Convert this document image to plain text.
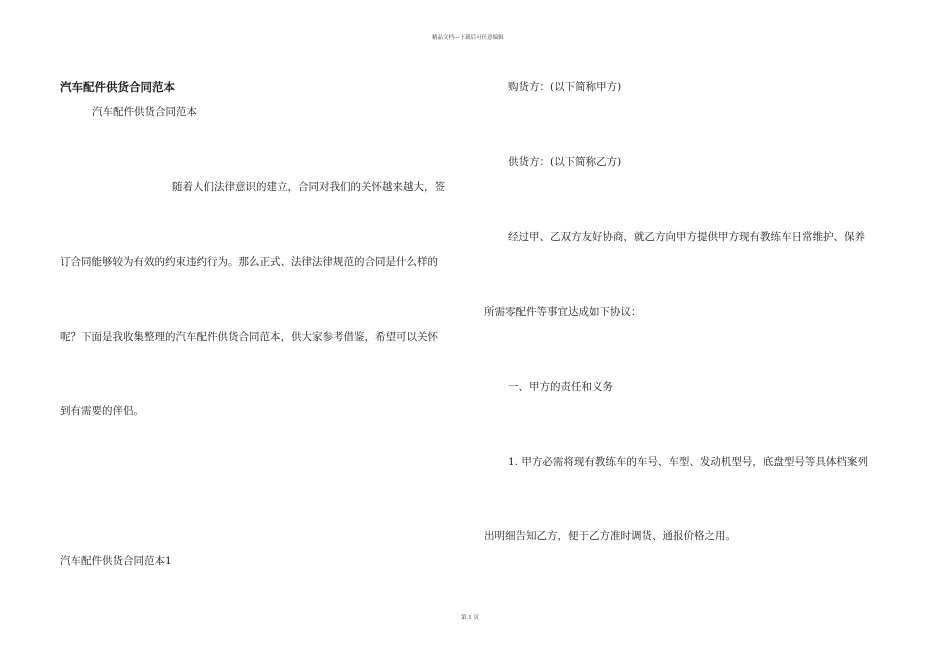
精品文档---下载后可任意编辑
汽车配件供货合同范本
汽车配件供货合同范本
随着人们法律意识的建立，合同对我们的关怀越来越大，签
订合同能够较为有效的约束违约行为。那么正式、法律法律规范的合同是什么样的
呢？下面是我收集整理的汽车配件供货合同范本，供大家参考借鉴，希望可以关怀
到有需要的伴侣。
汽车配件供货合同范本1
购货方：(以下简称甲方)
供货方：(以下简称乙方)
经过甲、乙双方友好协商，就乙方向甲方提供甲方现有教练车日常维护、保养
所需零配件等事宜达成如下协议：
一、甲方的责任和义务
1. 甲方必需将现有教练车的车号、车型、发动机型号，底盘型号等具体档案列
出明细告知乙方，便于乙方准时调货、通报价格之用。
第 1 页
